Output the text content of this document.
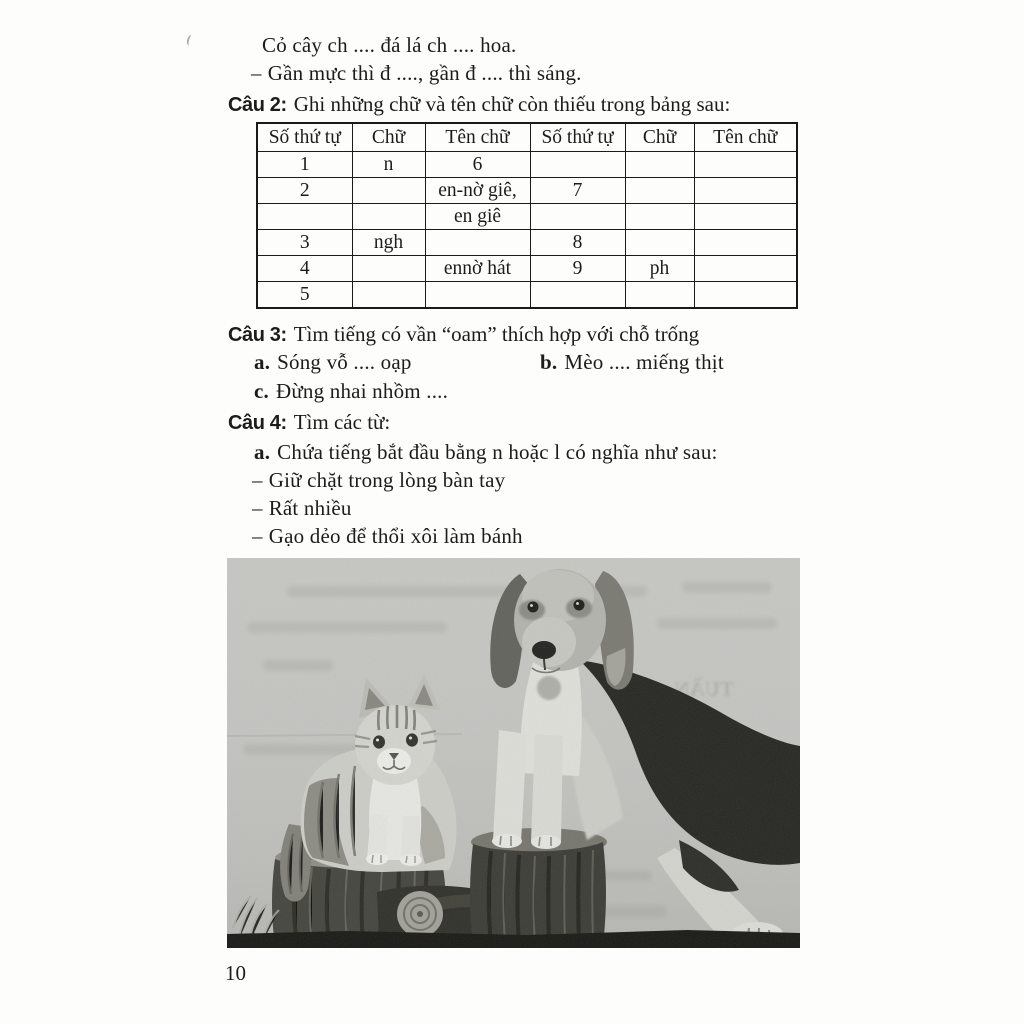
Cỏ cây ch .... đá lá ch .... hoa.
– Gần mực thì đ ...., gần đ .... thì sáng.
Câu 2: Ghi những chữ và tên chữ còn thiếu trong bảng sau:
Số thứ tự	Chữ	Tên chữ	Số thứ tự	Chữ	Tên chữ
1	n	6			
2		en-nờ giê,	7		
		en giê			
3	ngh		8		
4		ennờ hát	9	ph	
5					
Câu 3: Tìm tiếng có vần “oam” thích hợp với chỗ trống
a. Sóng vỗ .... oạp	b. Mèo .... miếng thịt
c. Đừng nhai nhồm ....
Câu 4: Tìm các từ:
a. Chứa tiếng bắt đầu bằng n hoặc l có nghĩa như sau:
– Giữ chặt trong lòng bàn tay
– Rất nhiều
– Gạo dẻo để thổi xôi làm bánh
10
